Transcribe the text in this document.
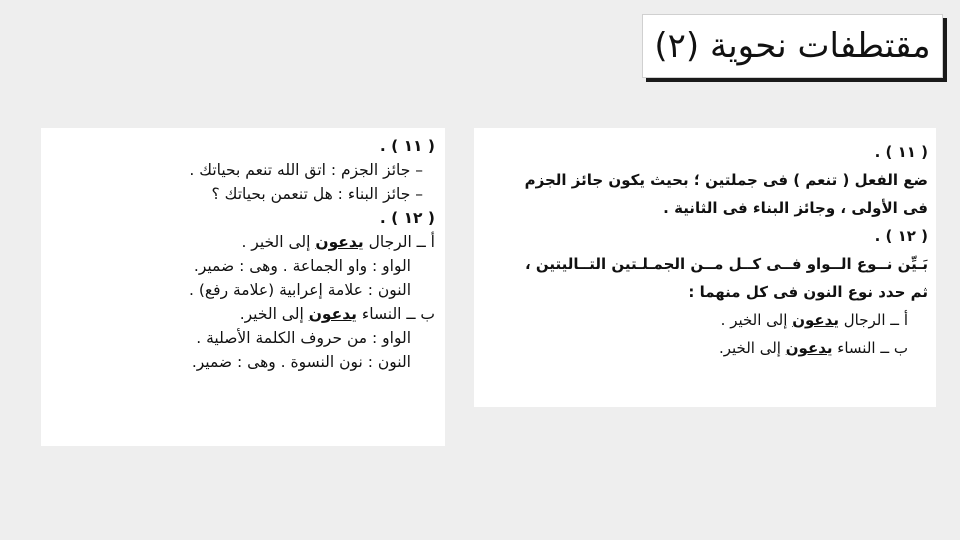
مقتطفات نحوية (٢)
( ١١ ) .
– جائز الجزم : اتق الله تنعم بحياتك .
– جائز البناء : هل تنعمن بحياتك ؟
( ١٢ ) .
أ ــ الرجال يدعون إلى الخير .
الواو : واو الجماعة . وهى : ضمير.
النون : علامة إعرابية (علامة رفع) .
ب ــ النساء يدعون إلى الخير.
الواو : من حروف الكلمة الأصلية .
النون : نون النسوة . وهى : ضمير.
( ١١ ) .
ضع الفعل ( تنعم ) فى جملتين ؛ بحيث يكون جائز الجزم
فى الأولى ، وجائز البناء فى الثانية .
( ١٢ ) .
بَـيِّن نــوع الــواو فــى كــل مــن الجمـلـتين التــاليتين ،
ثم حدد نوع النون فى كل منهما :
أ ــ الرجال يدعون إلى الخير .
ب ــ النساء يدعون إلى الخير.
